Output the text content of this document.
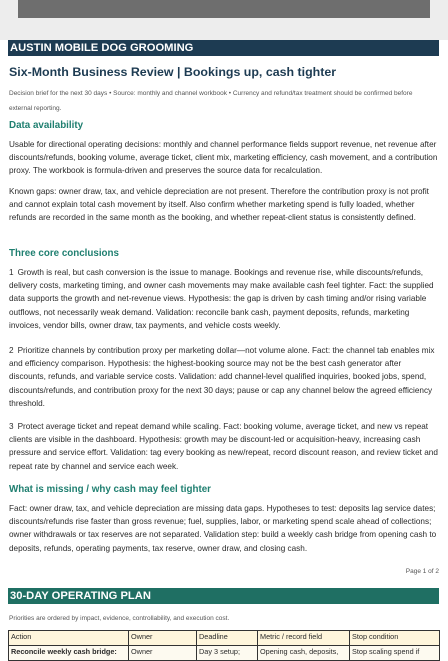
AUSTIN MOBILE DOG GROOMING
Six-Month Business Review | Bookings up, cash tighter
Decision brief for the next 30 days • Source: monthly and channel workbook • Currency and refund/tax treatment should be confirmed before external reporting.
Data availability
Usable for directional operating decisions: monthly and channel performance fields support revenue, net revenue after discounts/refunds, booking volume, average ticket, client mix, marketing efficiency, cash movement, and a contribution proxy. The workbook is formula-driven and preserves the source data for recalculation.
Known gaps: owner draw, tax, and vehicle depreciation are not present. Therefore the contribution proxy is not profit and cannot explain total cash movement by itself. Also confirm whether marketing spend is fully loaded, whether refunds are recorded in the same month as the booking, and whether repeat-client status is consistently defined.
Three core conclusions
1 Growth is real, but cash conversion is the issue to manage. Bookings and revenue rise, while discounts/refunds, delivery costs, marketing timing, and owner cash movements may make available cash feel tighter. Fact: the supplied data supports the growth and net-revenue views. Hypothesis: the gap is driven by cash timing and/or rising variable outflows, not necessarily weak demand. Validation: reconcile bank cash, payment deposits, refunds, marketing invoices, vendor bills, owner draw, tax payments, and vehicle costs weekly.
2 Prioritize channels by contribution proxy per marketing dollar—not volume alone. Fact: the channel tab enables mix and efficiency comparison. Hypothesis: the highest-booking source may not be the best cash generator after discounts, refunds, and variable service costs. Validation: add channel-level qualified inquiries, booked jobs, spend, discounts/refunds, and contribution proxy for the next 30 days; pause or cap any channel below the agreed efficiency threshold.
3 Protect average ticket and repeat demand while scaling. Fact: booking volume, average ticket, and new vs repeat clients are visible in the dashboard. Hypothesis: growth may be discount-led or acquisition-heavy, increasing cash pressure and service effort. Validation: tag every booking as new/repeat, record discount reason, and review ticket and repeat rate by channel and service each week.
What is missing / why cash may feel tighter
Fact: owner draw, tax, and vehicle depreciation are missing data gaps. Hypotheses to test: deposits lag service dates; discounts/refunds rise faster than gross revenue; fuel, supplies, labor, or marketing spend scale ahead of collections; owner withdrawals or tax reserves are not separated. Validation step: build a weekly cash bridge from opening cash to deposits, refunds, operating payments, tax reserve, owner draw, and closing cash.
Page 1 of 2
30-DAY OPERATING PLAN
Priorities are ordered by impact, evidence, controllability, and execution cost.
Action	Owner	Deadline	Metric / record field	Stop condition
Reconcile weekly cash bridge:	Owner	Day 3 setup;	Opening cash, deposits,	Stop scaling spend if
